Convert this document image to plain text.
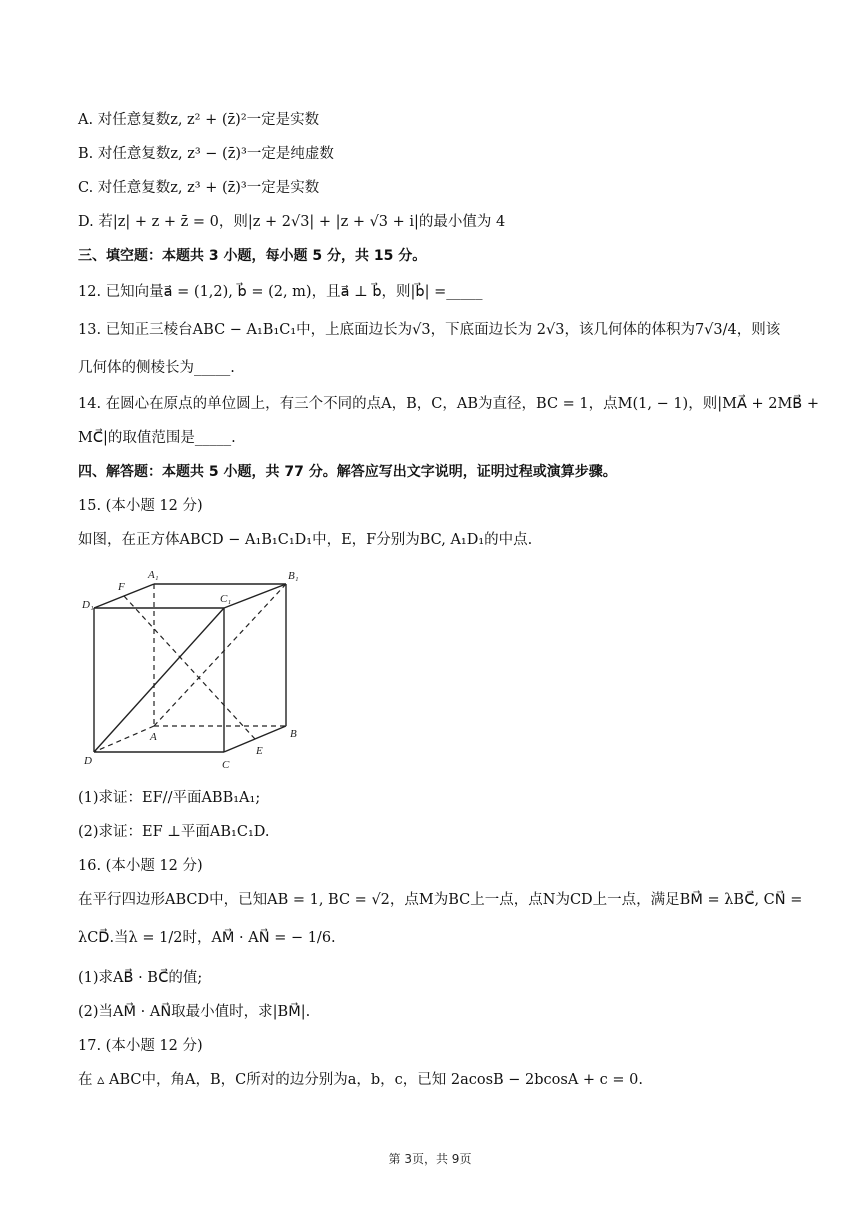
A. 对任意复数z, z² + (z̄)²一定是实数
B. 对任意复数z, z³ − (z̄)³一定是纯虚数
C. 对任意复数z, z³ + (z̄)³一定是实数
D. 若|z| + z + z̄ = 0，则|z + 2√3| + |z + √3 + i|的最小值为 4
三、填空题：本题共 3 小题，每小题 5 分，共 15 分。
12. 已知向量a⃗ = (1,2), b⃗ = (2, m)，且a⃗ ⊥ b⃗，则|b⃗| =_____
13. 已知正三棱台ABC − A₁B₁C₁中，上底面边长为√3，下底面边长为 2√3，该几何体的体积为7√3/4，则该
几何体的侧棱长为_____.
14. 在圆心在原点的单位圆上，有三个不同的点A，B，C，AB为直径，BC = 1，点M(1, − 1)，则|MA⃗ + 2MB⃗ +
MC⃗|的取值范围是_____.
四、解答题：本题共 5 小题，共 77 分。解答应写出文字说明，证明过程或演算步骤。
15. (本小题 12 分)
如图，在正方体ABCD − A₁B₁C₁D₁中，E，F分别为BC, A₁D₁的中点.
A₁	B₁
C₁
D₁
F
A	B
C
D
E
(1)求证：EF//平面ABB₁A₁;
(2)求证：EF ⊥平面AB₁C₁D.
16. (本小题 12 分)
在平行四边形ABCD中，已知AB = 1, BC = √2，点M为BC上一点，点N为CD上一点，满足BM⃗ = λBC⃗, CN⃗ =
λCD⃗.当λ = 1/2时，AM⃗ · AN⃗ = − 1/6.
(1)求AB⃗ · BC⃗的值;
(2)当AM⃗ · AN⃗取最小值时，求|BM⃗|.
17. (本小题 12 分)
在 ▵ ABC中，角A，B，C所对的边分别为a，b，c，已知 2acosB − 2bcosA + c = 0.
第 3页，共 9页
